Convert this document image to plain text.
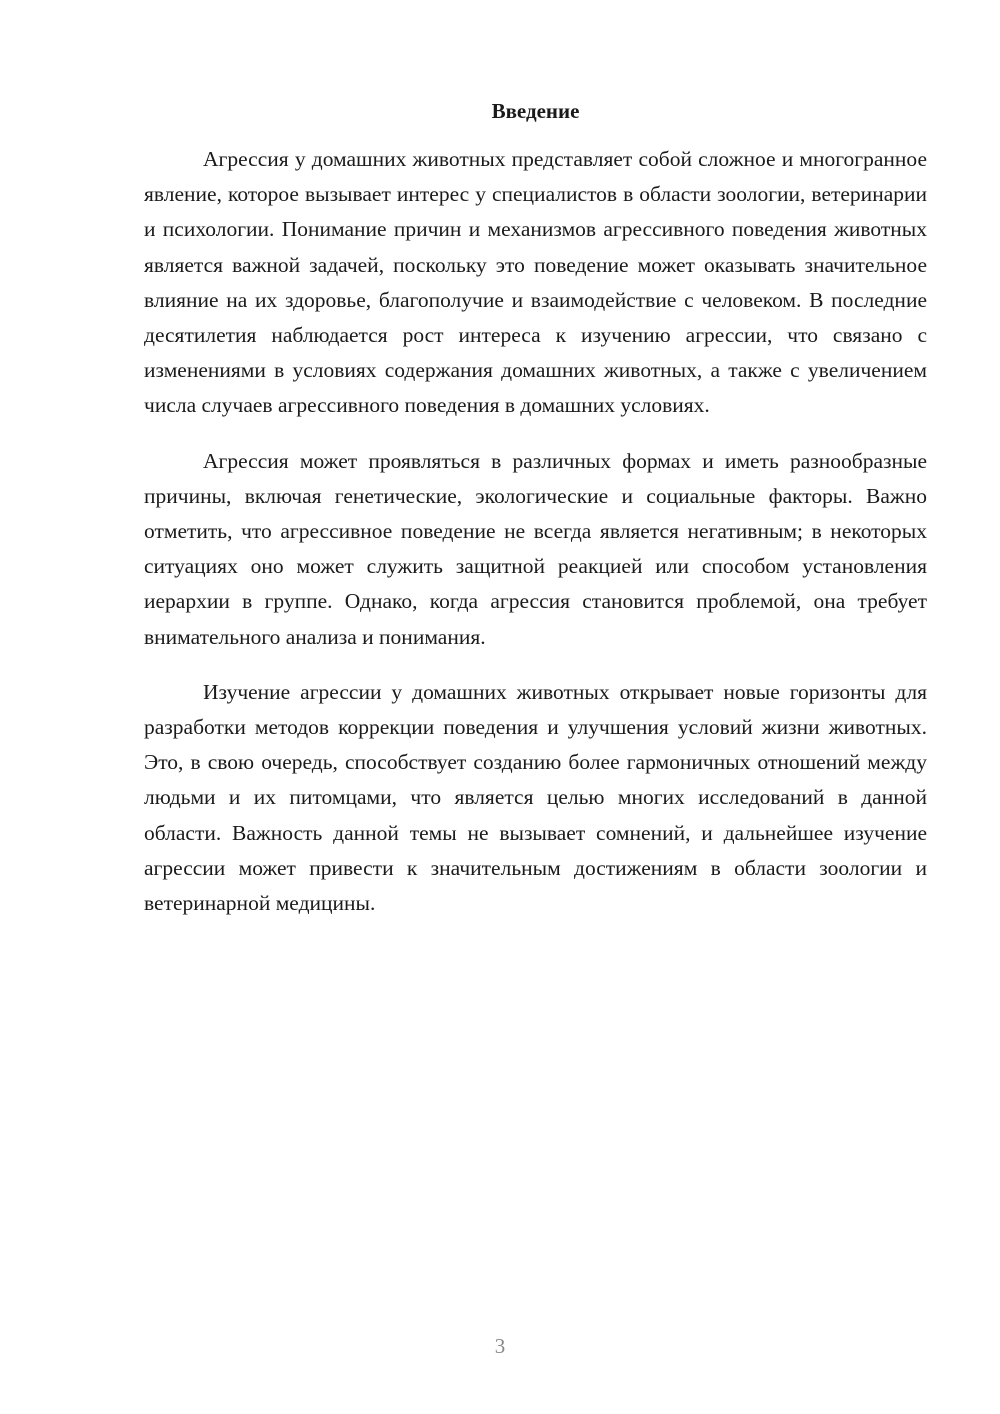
Введение

Агрессия у домашних животных представляет собой сложное и многогранное явление, которое вызывает интерес у специалистов в области зоологии, ветеринарии и психологии. Понимание причин и механизмов агрессивного поведения животных является важной задачей, поскольку это поведение может оказывать значительное влияние на их здоровье, благополучие и взаимодействие с человеком. В последние десятилетия наблюдается рост интереса к изучению агрессии, что связано с изменениями в условиях содержания домашних животных, а также с увеличением числа случаев агрессивного поведения в домашних условиях.

Агрессия может проявляться в различных формах и иметь разнообразные причины, включая генетические, экологические и социальные факторы. Важно отметить, что агрессивное поведение не всегда является негативным; в некоторых ситуациях оно может служить защитной реакцией или способом установления иерархии в группе. Однако, когда агрессия становится проблемой, она требует внимательного анализа и понимания.

Изучение агрессии у домашних животных открывает новые горизонты для разработки методов коррекции поведения и улучшения условий жизни животных. Это, в свою очередь, способствует созданию более гармоничных отношений между людьми и их питомцами, что является целью многих исследований в данной области. Важность данной темы не вызывает сомнений, и дальнейшее изучение агрессии может привести к значительным достижениям в области зоологии и ветеринарной медицины.

3
